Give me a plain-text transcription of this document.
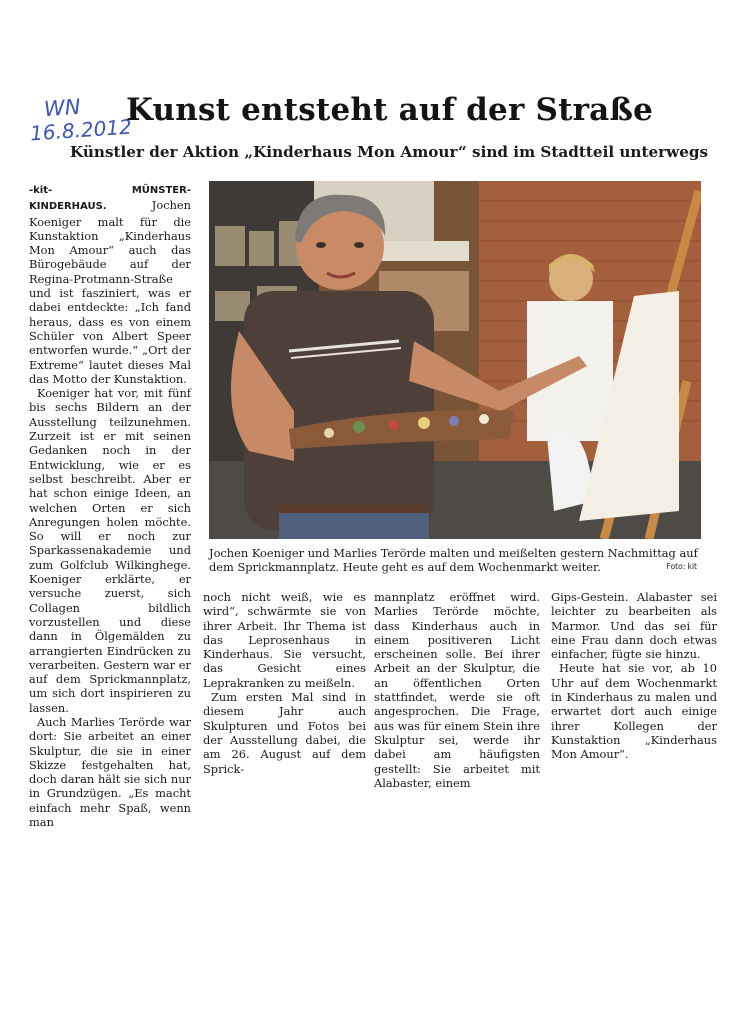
WN
16.8.2012
Kunst entsteht auf der Straße
Künstler der Aktion „Kinderhaus Mon Amour“ sind im Stadtteil unterwegs

-kit-	MÜNSTER-KINDERHAUS.	Jochen Koeniger malt für die Kunstaktion „Kinderhaus Mon Amour“ auch das Bürogebäude auf der Regina-Protmann-Straße und ist fasziniert, was er dabei entdeckte: „Ich fand heraus, dass es von einem Schüler von Albert Speer entworfen wurde.“ „Ort der Extreme“ lautet dieses Mal das Motto der Kunstaktion.

Koeniger hat vor, mit fünf bis sechs Bildern an der Ausstellung teilzunehmen. Zurzeit ist er mit seinen Gedanken noch in der Entwicklung, wie er es selbst beschreibt. Aber er hat schon einige Ideen, an welchen Orten er sich Anregungen holen möchte. So will er noch zur Sparkassenakademie und zum Golfclub Wilkinghege. Koeniger erklärte, er versuche zuerst, sich Collagen bildlich vorzustellen und diese dann in Ölgemälden zu arrangierten Eindrücken zu verarbeiten. Gestern war er auf dem Sprickmannplatz, um sich dort inspirieren zu lassen.

Auch Marlies Terörde war dort: Sie arbeitet an einer Skulptur, die sie in einer Skizze festgehalten hat, doch daran hält sie sich nur in Grundzügen. „Es macht einfach mehr Spaß, wenn man

Jochen Koeniger und Marlies Terörde malten und meißelten gestern Nachmittag auf dem Sprickmannplatz. Heute geht es auf dem Wochenmarkt weiter.	Foto: kit

noch nicht weiß, wie es wird“, schwärmte sie von ihrer Arbeit. Ihr Thema ist das Leprosenhaus in Kinderhaus. Sie versucht, das Gesicht eines Leprakranken zu meißeln.

Zum ersten Mal sind in diesem Jahr auch Skulpturen und Fotos bei der Ausstellung dabei, die am 26. August auf dem Sprick-

mannplatz eröffnet wird. Marlies Terörde möchte, dass Kinderhaus auch in einem positiveren Licht erscheinen solle. Bei ihrer Arbeit an der Skulptur, die an öffentlichen Orten stattfindet, werde sie oft angesprochen. Die Frage, aus was für einem Stein ihre Skulptur sei, werde ihr dabei am häufigsten gestellt: Sie arbeitet mit Alabaster, einem

Gips-Gestein. Alabaster sei leichter zu bearbeiten als Marmor. Und das sei für eine Frau dann doch etwas einfacher, fügte sie hinzu.

Heute hat sie vor, ab 10 Uhr auf dem Wochenmarkt in Kinderhaus zu malen und erwartet dort auch einige ihrer Kollegen der Kunstaktion „Kinderhaus Mon Amour“.
